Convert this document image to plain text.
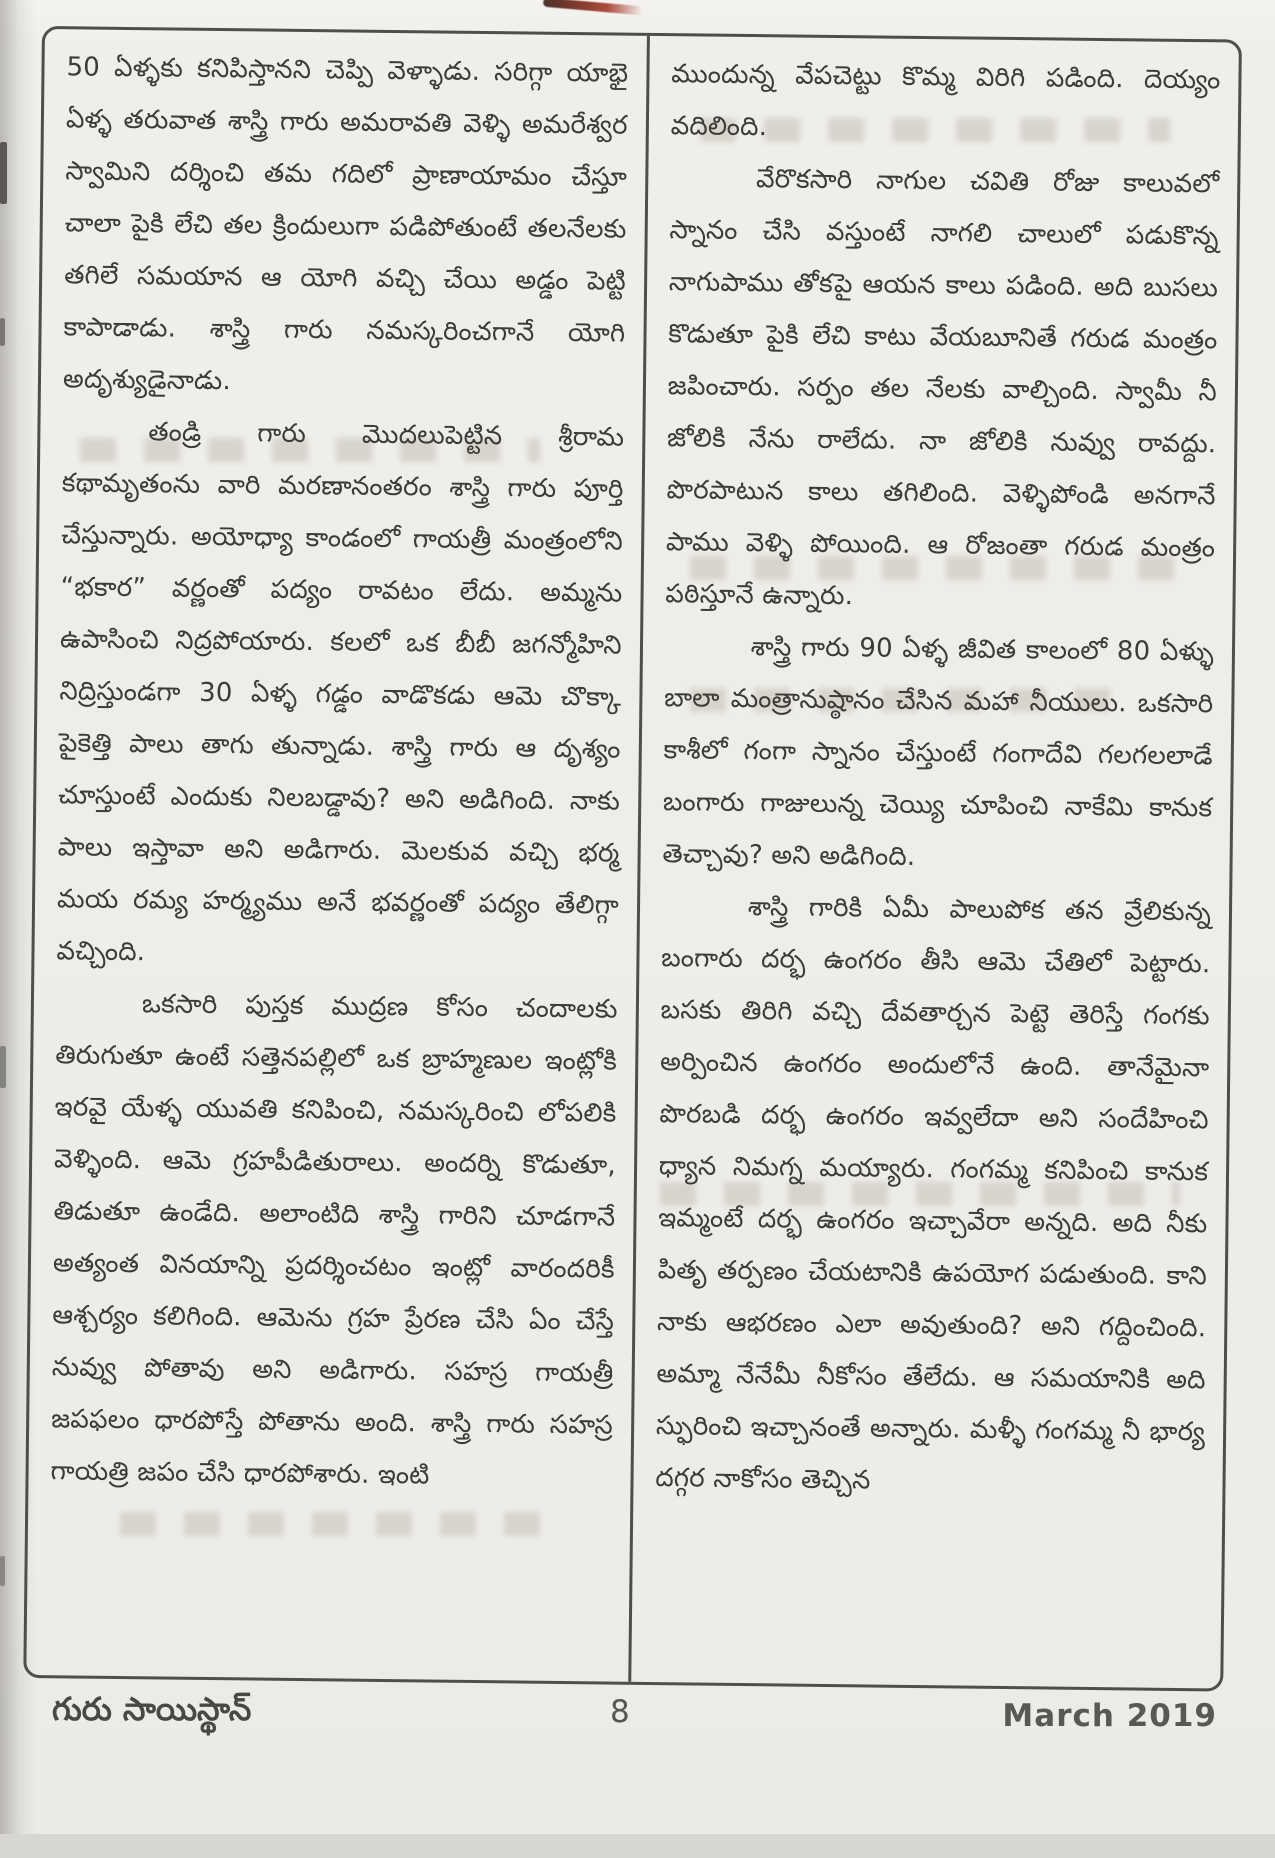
50 ఏళ్ళకు కనిపిస్తానని చెప్పి వెళ్ళాడు. సరిగ్గా యాభై ఏళ్ళ తరువాత శాస్త్రి గారు అమరావతి వెళ్ళి అమరేశ్వర స్వామిని దర్శించి తమ గదిలో ప్రాణాయామం చేస్తూ చాలా పైకి లేచి తల క్రిందులుగా పడిపోతుంటే తలనేలకు తగిలే సమయాన ఆ యోగి వచ్చి చేయి అడ్డం పెట్టి కాపాడాడు. శాస్త్రి గారు నమస్కరించగానే యోగి అదృశ్యుడైనాడు.

తండ్రి గారు మొదలుపెట్టిన శ్రీరామ కథామృతంను వారి మరణానంతరం శాస్త్రి గారు పూర్తి చేస్తున్నారు. అయోధ్యా కాండంలో గాయత్రీ మంత్రంలోని “భకార” వర్ణంతో పద్యం రావటం లేదు. అమ్మను ఉపాసించి నిద్రపోయారు. కలలో ఒక బీబీ జగన్మోహిని నిద్రిస్తుండగా 30 ఏళ్ళ గడ్డం వాడొకడు ఆమె చొక్కా పైకెత్తి పాలు తాగు తున్నాడు. శాస్త్రి గారు ఆ దృశ్యం చూస్తుంటే ఎందుకు నిలబడ్డావు? అని అడిగింది. నాకు పాలు ఇస్తావా అని అడిగారు. మెలకువ వచ్చి భర్మ మయ రమ్య హర్మ్యము అనే భవర్ణంతో పద్యం తేలిగ్గా వచ్చింది.

ఒకసారి పుస్తక ముద్రణ కోసం చందాలకు తిరుగుతూ ఉంటే సత్తెనపల్లిలో ఒక బ్రాహ్మణుల ఇంట్లోకి ఇరవై యేళ్ళ యువతి కనిపించి, నమస్కరించి లోపలికి వెళ్ళింది. ఆమె గ్రహపీడితురాలు. అందర్ని కొడుతూ, తిడుతూ ఉండేది. అలాంటిది శాస్త్రి గారిని చూడగానే అత్యంత వినయాన్ని ప్రదర్శించటం ఇంట్లో వారందరికీ ఆశ్చర్యం కలిగింది. ఆమెను గ్రహ ప్రేరణ చేసి ఏం చేస్తే నువ్వు పోతావు అని అడిగారు. సహస్ర గాయత్రీ జపఫలం ధారపోస్తే పోతాను అంది. శాస్త్రి గారు సహస్ర గాయత్రి జపం చేసి ధారపోశారు. ఇంటి

ముందున్న వేపచెట్టు కొమ్మ విరిగి పడింది. దెయ్యం వదిలింది.

వేరొకసారి నాగుల చవితి రోజు కాలువలో స్నానం చేసి వస్తుంటే నాగలి చాలులో పడుకొన్న నాగుపాము తోకపై ఆయన కాలు పడింది. అది బుసలు కొడుతూ పైకి లేచి కాటు వేయబూనితే గరుడ మంత్రం జపించారు. సర్పం తల నేలకు వాల్చింది. స్వామీ నీ జోలికి నేను రాలేదు. నా జోలికి నువ్వు రావద్దు. పొరపాటున కాలు తగిలింది. వెళ్ళిపోండి అనగానే పాము వెళ్ళి పోయింది. ఆ రోజంతా గరుడ మంత్రం పఠిస్తూనే ఉన్నారు.

శాస్త్రి గారు 90 ఏళ్ళ జీవిత కాలంలో 80 ఏళ్ళు బాలా మంత్రానుష్ఠానం చేసిన మహా నీయులు. ఒకసారి కాశీలో గంగా స్నానం చేస్తుంటే గంగాదేవి గలగలలాడే బంగారు గాజులున్న చెయ్యి చూపించి నాకేమి కానుక తెచ్చావు? అని అడిగింది.

శాస్త్రి గారికి ఏమీ పాలుపోక తన వ్రేలికున్న బంగారు దర్భ ఉంగరం తీసి ఆమె చేతిలో పెట్టారు. బసకు తిరిగి వచ్చి దేవతార్చన పెట్టె తెరిస్తే గంగకు అర్పించిన ఉంగరం అందులోనే ఉంది. తానేమైనా పొరబడి దర్భ ఉంగరం ఇవ్వలేదా అని సందేహించి ధ్యాన నిమగ్న మయ్యారు. గంగమ్మ కనిపించి కానుక ఇమ్మంటే దర్భ ఉంగరం ఇచ్చావేరా అన్నది. అది నీకు పితృ తర్పణం చేయటానికి ఉపయోగ పడుతుంది. కాని నాకు ఆభరణం ఎలా అవుతుంది? అని గద్దించింది. అమ్మా నేనేమీ నీకోసం తేలేదు. ఆ సమయానికి అది స్ఫురించి ఇచ్చానంతే అన్నారు. మళ్ళీ గంగమ్మ నీ భార్య దగ్గర నాకోసం తెచ్చిన

గురు సాయిస్థాన్	8	March 2019
